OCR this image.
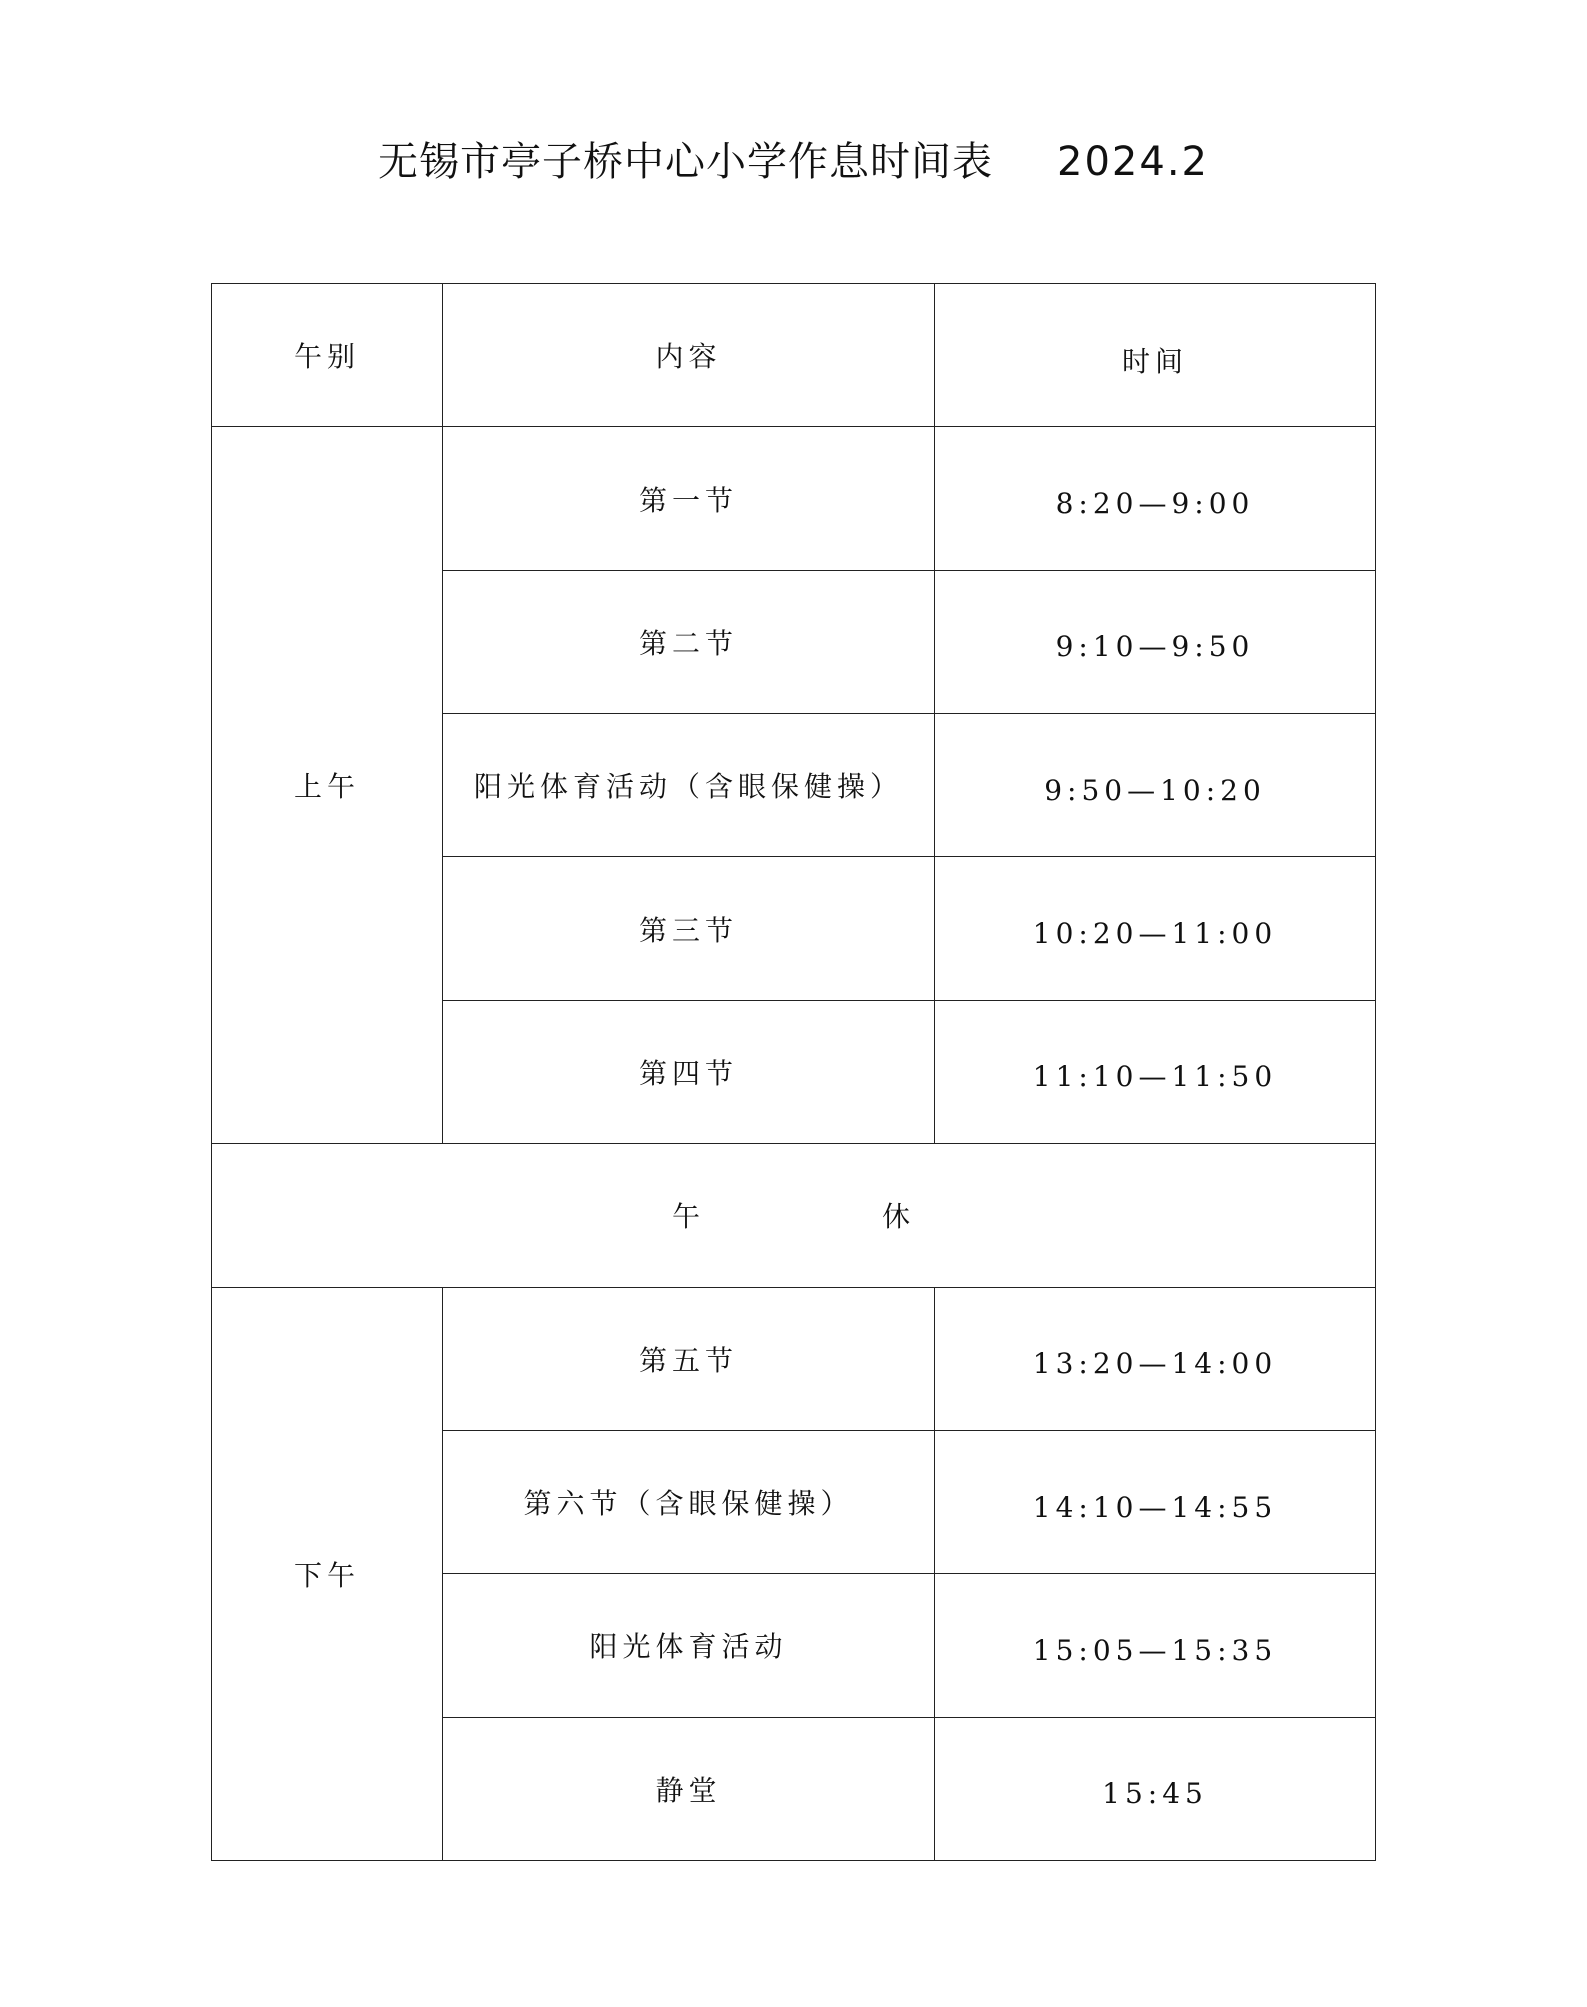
无锡市亭子桥中心小学作息时间表 2024.2
午别	内容	时间
上午	第一节	8:20—9:00
	第二节	9:10—9:50
	阳光体育活动（含眼保健操）	9:50—10:20
	第三节	10:20—11:00
	第四节	11:10—11:50
午 休		
下午	第五节	13:20—14:00
	第六节（含眼保健操）	14:10—14:55
	阳光体育活动	15:05—15:35
	静堂	15:45
